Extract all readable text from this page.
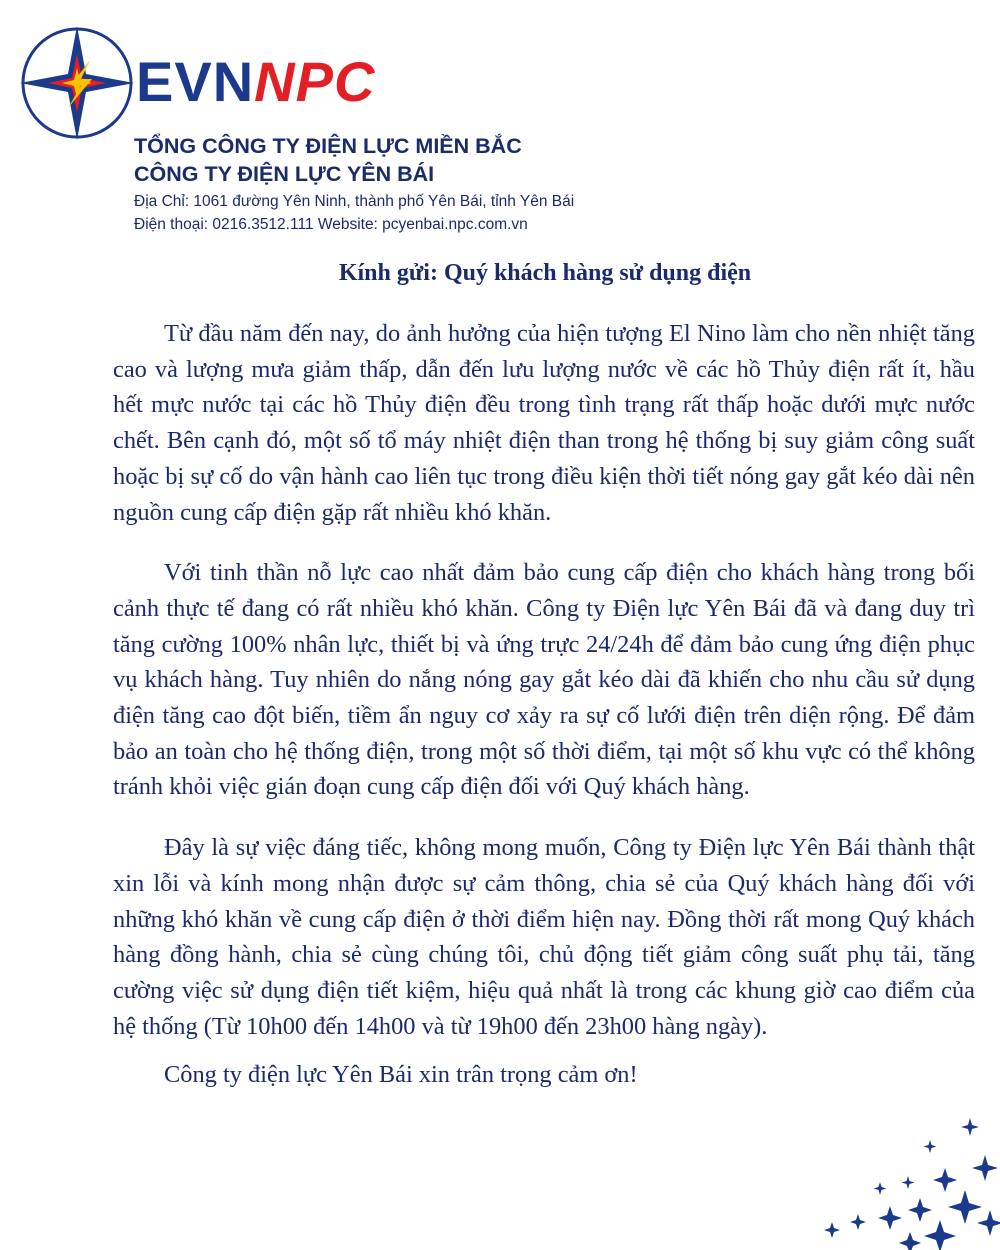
EVNNPC
TỔNG CÔNG TY ĐIỆN LỰC MIỀN BẮC
CÔNG TY ĐIỆN LỰC YÊN BÁI
Địa Chỉ: 1061 đường Yên Ninh, thành phố Yên Bái, tỉnh Yên Bái
Điện thoại: 0216.3512.111 Website: pcyenbai.npc.com.vn
Kính gửi: Quý khách hàng sử dụng điện

Từ đầu năm đến nay, do ảnh hưởng của hiện tượng El Nino làm cho nền nhiệt tăng cao và lượng mưa giảm thấp, dẫn đến lưu lượng nước về các hồ Thủy điện rất ít, hầu hết mực nước tại các hồ Thủy điện đều trong tình trạng rất thấp hoặc dưới mực nước chết. Bên cạnh đó, một số tổ máy nhiệt điện than trong hệ thống bị suy giảm công suất hoặc bị sự cố do vận hành cao liên tục trong điều kiện thời tiết nóng gay gắt kéo dài nên nguồn cung cấp điện gặp rất nhiều khó khăn.

Với tinh thần nỗ lực cao nhất đảm bảo cung cấp điện cho khách hàng trong bối cảnh thực tế đang có rất nhiều khó khăn. Công ty Điện lực Yên Bái đã và đang duy trì tăng cường 100% nhân lực, thiết bị và ứng trực 24/24h để đảm bảo cung ứng điện phục vụ khách hàng. Tuy nhiên do nắng nóng gay gắt kéo dài đã khiến cho nhu cầu sử dụng điện tăng cao đột biến, tiềm ẩn nguy cơ xảy ra sự cố lưới điện trên diện rộng. Để đảm bảo an toàn cho hệ thống điện, trong một số thời điểm, tại một số khu vực có thể không tránh khỏi việc gián đoạn cung cấp điện đối với Quý khách hàng.

Đây là sự việc đáng tiếc, không mong muốn, Công ty Điện lực Yên Bái thành thật xin lỗi và kính mong nhận được sự cảm thông, chia sẻ của Quý khách hàng đối với những khó khăn về cung cấp điện ở thời điểm hiện nay. Đồng thời rất mong Quý khách hàng đồng hành, chia sẻ cùng chúng tôi, chủ động tiết giảm công suất phụ tải, tăng cường việc sử dụng điện tiết kiệm, hiệu quả nhất là trong các khung giờ cao điểm của hệ thống (Từ 10h00 đến 14h00 và từ 19h00 đến 23h00 hàng ngày).

Công ty điện lực Yên Bái xin trân trọng cảm ơn!
